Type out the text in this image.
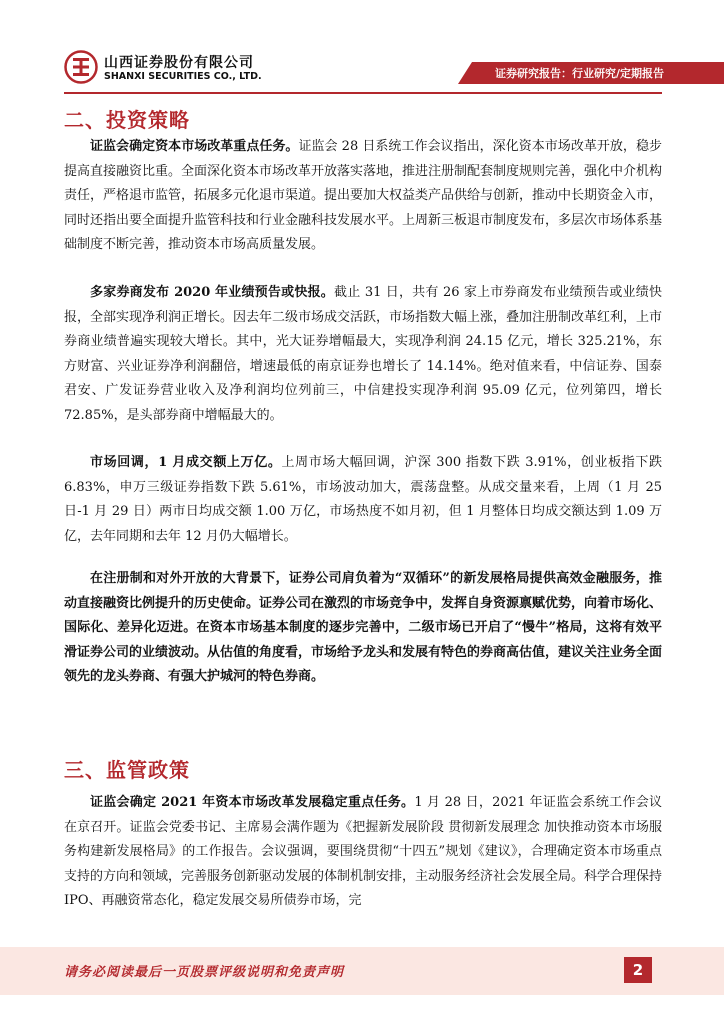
山西证券股份有限公司
SHANXI SECURITIES CO., LTD.	证券研究报告：行业研究/定期报告
二、投资策略

证监会确定资本市场改革重点任务。证监会 28 日系统工作会议指出，深化资本市场改革开放，稳步提高直接融资比重。全面深化资本市场改革开放落实落地，推进注册制配套制度规则完善，强化中介机构责任，严格退市监管，拓展多元化退市渠道。提出要加大权益类产品供给与创新，推动中长期资金入市，同时还指出要全面提升监管科技和行业金融科技发展水平。上周新三板退市制度发布，多层次市场体系基础制度不断完善，推动资本市场高质量发展。

多家券商发布 2020 年业绩预告或快报。截止 31 日，共有 26 家上市券商发布业绩预告或业绩快报，全部实现净利润正增长。因去年二级市场成交活跃，市场指数大幅上涨，叠加注册制改革红利，上市券商业绩普遍实现较大增长。其中，光大证券增幅最大，实现净利润 24.15 亿元，增长 325.21%，东方财富、兴业证券净利润翻倍，增速最低的南京证券也增长了 14.14%。绝对值来看，中信证券、国泰君安、广发证券营业收入及净利润均位列前三，中信建投实现净利润 95.09 亿元，位列第四，增长 72.85%，是头部券商中增幅最大的。

市场回调，1 月成交额上万亿。上周市场大幅回调，沪深 300 指数下跌 3.91%，创业板指下跌 6.83%，申万三级证券指数下跌 5.61%，市场波动加大，震荡盘整。从成交量来看，上周（1 月 25 日-1 月 29 日）两市日均成交额 1.00 万亿，市场热度不如月初，但 1 月整体日均成交额达到 1.09 万亿，去年同期和去年 12 月仍大幅增长。

在注册制和对外开放的大背景下，证券公司肩负着为“双循环”的新发展格局提供高效金融服务，推动直接融资比例提升的历史使命。证券公司在激烈的市场竞争中，发挥自身资源禀赋优势，向着市场化、国际化、差异化迈进。在资本市场基本制度的逐步完善中，二级市场已开启了“慢牛”格局，这将有效平滑证券公司的业绩波动。从估值的角度看，市场给予龙头和发展有特色的券商高估值，建议关注业务全面领先的龙头券商、有强大护城河的特色券商。

三、监管政策

证监会确定 2021 年资本市场改革发展稳定重点任务。1 月 28 日，2021 年证监会系统工作会议在京召开。证监会党委书记、主席易会满作题为《把握新发展阶段 贯彻新发展理念 加快推动资本市场服务构建新发展格局》的工作报告。会议强调，要围绕贯彻“十四五”规划《建议》，合理确定资本市场重点支持的方向和领域，完善服务创新驱动发展的体制机制安排，主动服务经济社会发展全局。科学合理保持 IPO、再融资常态化，稳定发展交易所债券市场，完

请务必阅读最后一页股票评级说明和免责声明	2
